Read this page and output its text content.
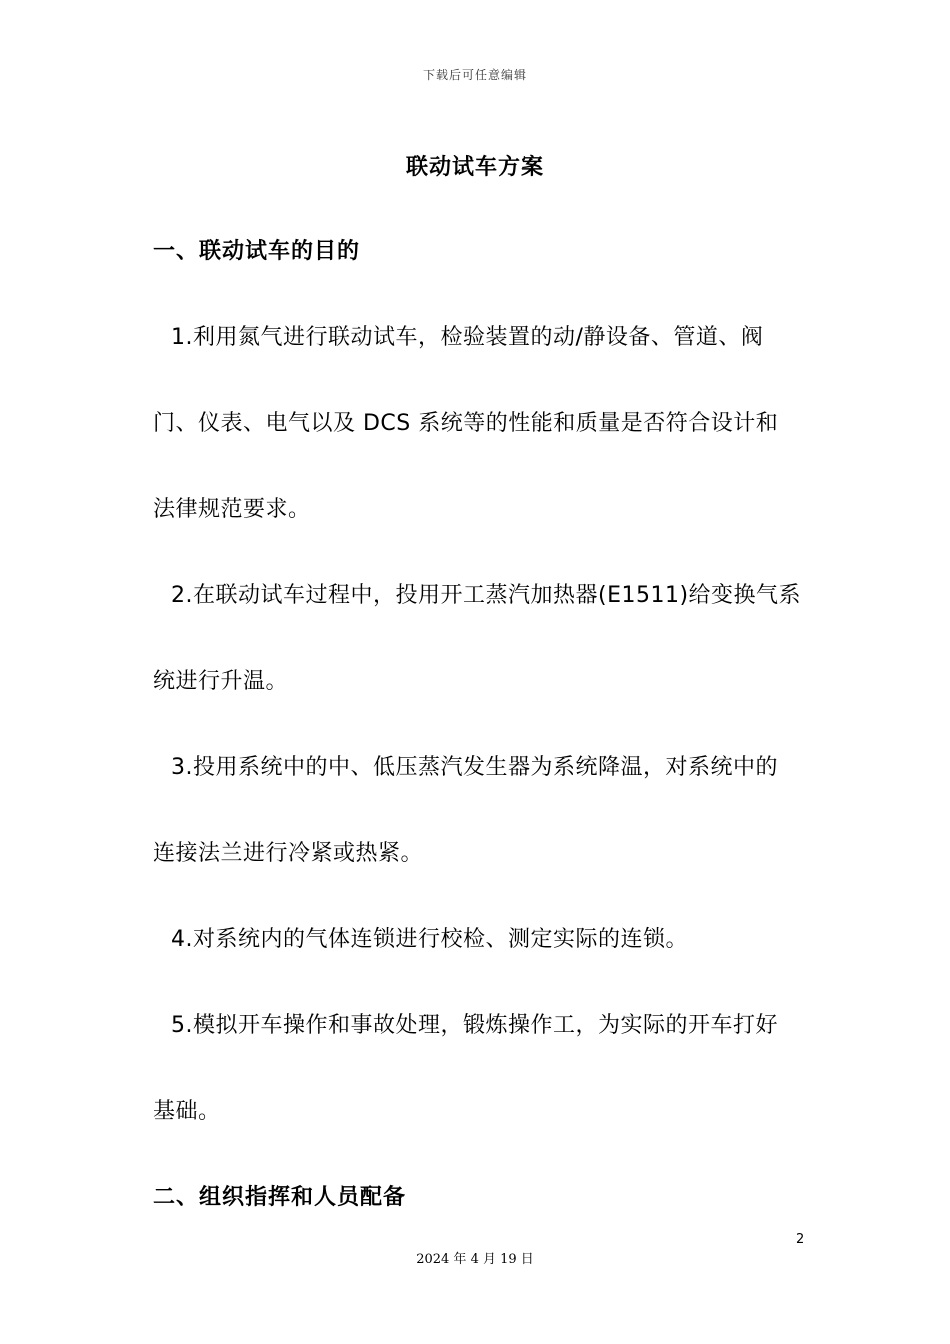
下载后可任意编辑
联动试车方案
一、联动试车的目的
1.利用氮气进行联动试车，检验装置的动/静设备、管道、阀
门、仪表、电气以及 DCS 系统等的性能和质量是否符合设计和
法律规范要求。
2.在联动试车过程中，投用开工蒸汽加热器(E1511)给变换气系
统进行升温。
3.投用系统中的中、低压蒸汽发生器为系统降温，对系统中的
连接法兰进行冷紧或热紧。
4.对系统内的气体连锁进行校检、测定实际的连锁。
5.模拟开车操作和事故处理，锻炼操作工，为实际的开车打好
基础。
二、组织指挥和人员配备
2
2024 年 4 月 19 日
